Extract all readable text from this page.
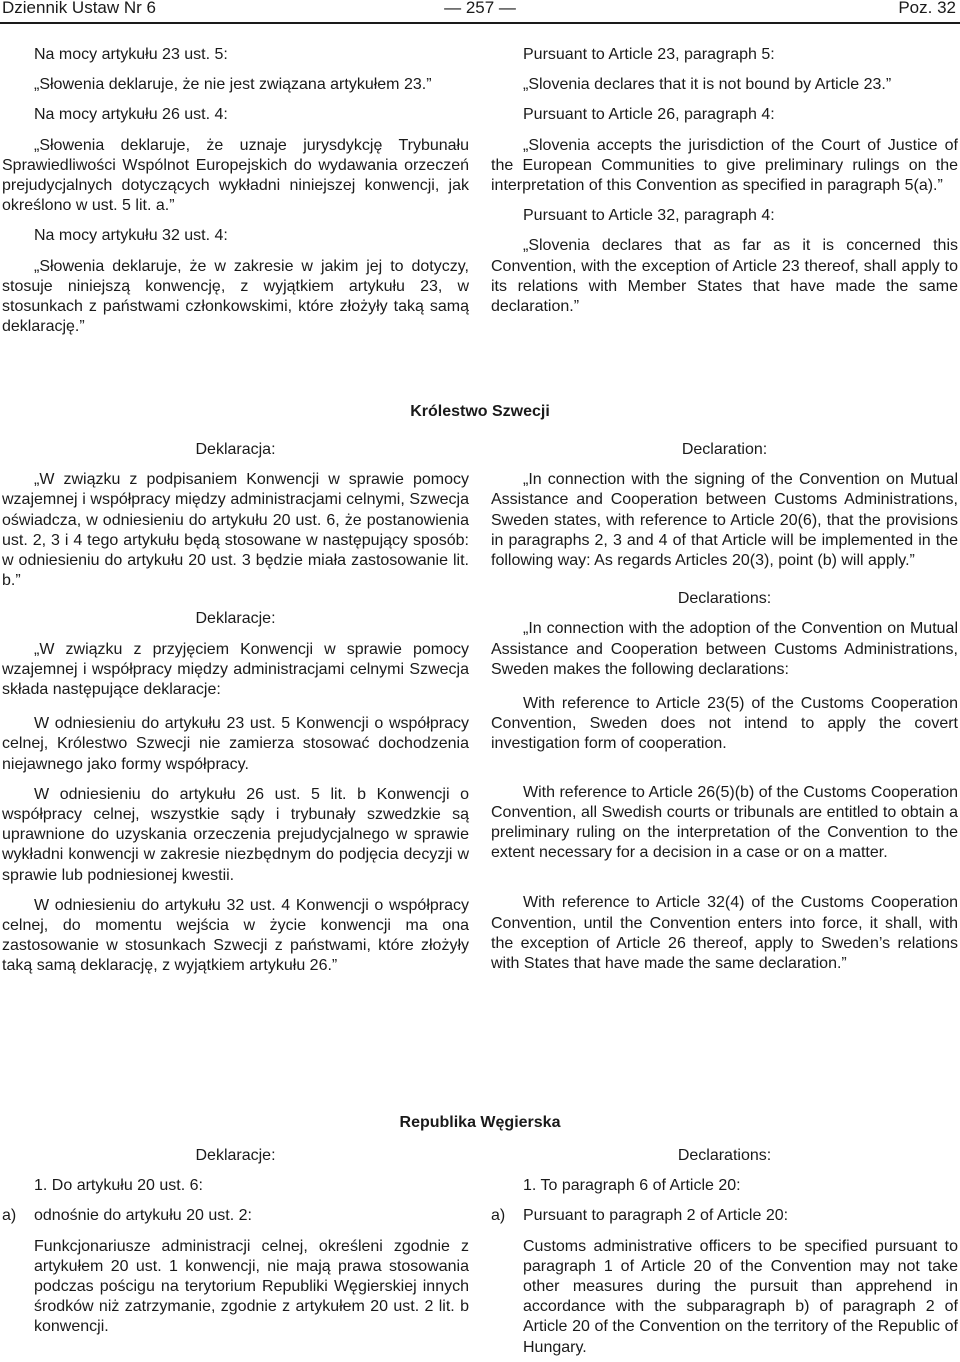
Dziennik Ustaw Nr 6	— 257 —	Poz. 32

Na mocy artykułu 23 ust. 5:

„Słowenia deklaruje, że nie jest związana artykułem 23.”

Na mocy artykułu 26 ust. 4:

„Słowenia deklaruje, że uznaje jurysdykcję Trybunału Sprawiedliwości Wspólnot Europejskich do wydawania orzeczeń prejudycjalnych dotyczących wykładni niniejszej konwencji, jak określono w ust. 5 lit. a.”

Na mocy artykułu 32 ust. 4:

„Słowenia deklaruje, że w zakresie w jakim jej to dotyczy, stosuje niniejszą konwencję, z wyjątkiem artykułu 23, w stosunkach z państwami członkowskimi, które złożyły taką samą deklarację.”

Pursuant to Article 23, paragraph 5:

„Slovenia declares that it is not bound by Article 23.”

Pursuant to Article 26, paragraph 4:

„Slovenia accepts the jurisdiction of the Court of Justice of the European Communities to give preliminary rulings on the interpretation of this Convention as specified in paragraph 5(a).”

Pursuant to Article 32, paragraph 4:

„Slovenia declares that as far as it is concerned this Convention, with the exception of Article 23 thereof, shall apply to its relations with Member States that have made the same declaration.”

Królestwo Szwecji

Deklaracja:

„W związku z podpisaniem Konwencji w sprawie pomocy wzajemnej i współpracy między administracjami celnymi, Szwecja oświadcza, w odniesieniu do artykułu 20 ust. 6, że postanowienia ust. 2, 3 i 4 tego artykułu będą stosowane w następujący sposób: w odniesieniu do artykułu 20 ust. 3 będzie miała zastosowanie lit. b.”

Deklaracje:

„W związku z przyjęciem Konwencji w sprawie pomocy wzajemnej i współpracy między administracjami celnymi Szwecja składa następujące deklaracje:

W odniesieniu do artykułu 23 ust. 5 Konwencji o współpracy celnej, Królestwo Szwecji nie zamierza stosować dochodzenia niejawnego jako formy współpracy.

W odniesieniu do artykułu 26 ust. 5 lit. b Konwencji o współpracy celnej, wszystkie sądy i trybunały szwedzkie są uprawnione do uzyskania orzeczenia prejudycjalnego w sprawie wykładni konwencji w zakresie niezbędnym do podjęcia decyzji w sprawie lub podniesionej kwestii.

W odniesieniu do artykułu 32 ust. 4 Konwencji o współpracy celnej, do momentu wejścia w życie konwencji ma ona zastosowanie w stosunkach Szwecji z państwami, które złożyły taką samą deklarację, z wyjątkiem artykułu 26.”

Declaration:

„In connection with the signing of the Convention on Mutual Assistance and Cooperation between Customs Administrations, Sweden states, with reference to Article 20(6), that the provisions in paragraphs 2, 3 and 4 of that Article will be implemented in the following way: As regards Articles 20(3), point (b) will apply.”

Declarations:

„In connection with the adoption of the Convention on Mutual Assistance and Cooperation between Customs Administrations, Sweden makes the following declarations:

With reference to Article 23(5) of the Customs Cooperation Convention, Sweden does not intend to apply the covert investigation form of cooperation.

With reference to Article 26(5)(b) of the Customs Cooperation Convention, all Swedish courts or tribunals are entitled to obtain a preliminary ruling on the interpretation of the Convention to the extent necessary for a decision in a case or on a matter.

With reference to Article 32(4) of the Customs Cooperation Convention, until the Convention enters into force, it shall, with the exception of Article 26 thereof, apply to Sweden’s relations with States that have made the same declaration.”

Republika Węgierska

Deklaracje:

1. Do artykułu 20 ust. 6:

a)	odnośnie do artykułu 20 ust. 2:

Funkcjonariusze administracji celnej, określeni zgodnie z artykułem 20 ust. 1 konwencji, nie mają prawa stosowania podczas pościgu na terytorium Republiki Węgierskiej innych środków niż zatrzymanie, zgodnie z artykułem 20 ust. 2 lit. b konwencji.

Declarations:

1. To paragraph 6 of Article 20:

a)	Pursuant to paragraph 2 of Article 20:

Customs administrative officers to be specified pursuant to paragraph 1 of Article 20 of the Convention may not take other measures during the pursuit than apprehend in accordance with the subparagraph b) of paragraph 2 of Article 20 of the Convention on the territory of the Republic of Hungary.
